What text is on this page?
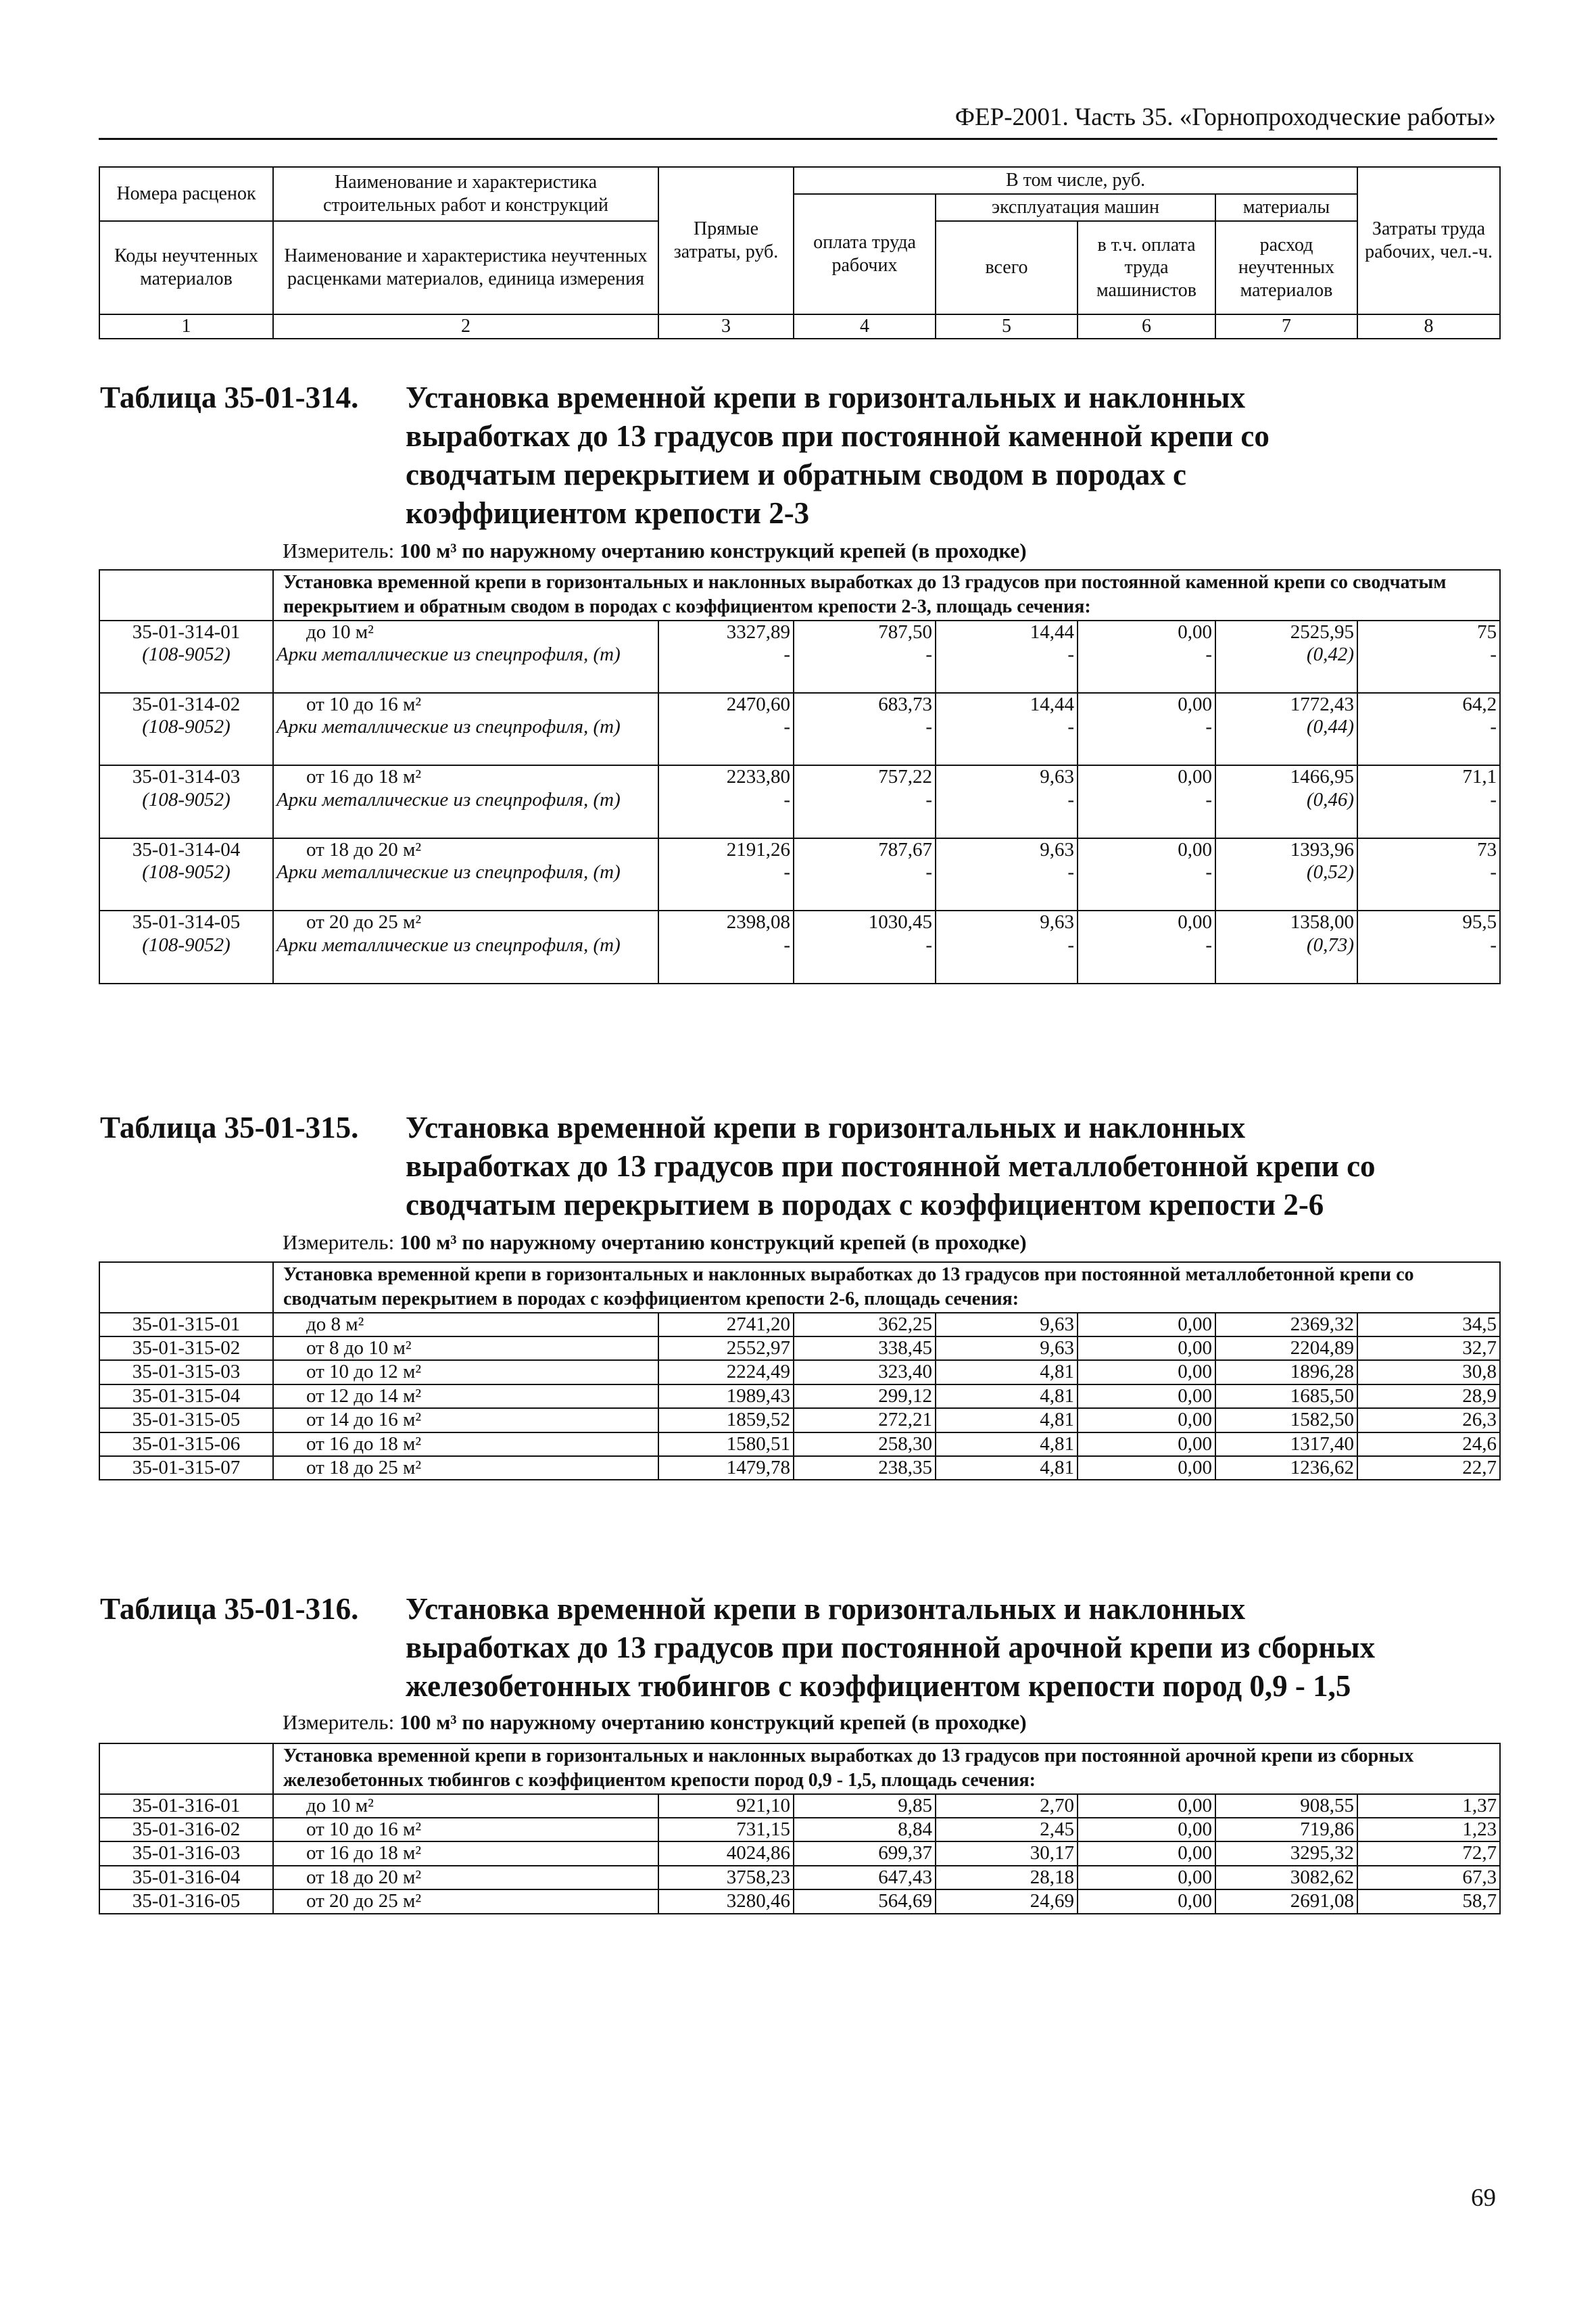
ФЕР-2001. Часть 35. «Горнопроходческие работы»
Номера расценок	Наименование и характеристика строительных работ и конструкций	Прямые затраты, руб.	В том числе, руб.				Затраты труда рабочих, чел.-ч.
			оплата труда рабочих	эксплуатация машин		материалы	
Коды неучтенных материалов	Наименование и характеристика неучтенных расценками материалов, единица измерения			всего	в т.ч. оплата труда машинистов	расход неучтенных материалов	

1	2	3	4	5	6	7	8
Таблица 35-01-314. Установка временной крепи в горизонтальных и наклонных
выработках до 13 градусов при постоянной каменной крепи со
сводчатым перекрытием и обратным сводом в породах с
коэффициентом крепости 2-3
Измеритель: 100 м³ по наружному очертанию конструкций крепей (в проходке)
	Установка временной крепи в горизонтальных и наклонных выработках до 13 градусов при постоянной каменной крепи со сводчатым перекрытием и обратным сводом в породах с коэффициентом крепости 2-3, площадь сечения:						
35-01-314-01	до 10 м²	3327,89	787,50	14,44	0,00	2525,95	75
(108-9052)	Арки металлические из спецпрофиля, (т)	-	-	-	-	(0,42)	-
35-01-314-02	от 10 до 16 м²	2470,60	683,73	14,44	0,00	1772,43	64,2
(108-9052)	Арки металлические из спецпрофиля, (т)	-	-	-	-	(0,44)	-
35-01-314-03	от 16 до 18 м²	2233,80	757,22	9,63	0,00	1466,95	71,1
(108-9052)	Арки металлические из спецпрофиля, (т)	-	-	-	-	(0,46)	-
35-01-314-04	от 18 до 20 м²	2191,26	787,67	9,63	0,00	1393,96	73
(108-9052)	Арки металлические из спецпрофиля, (т)	-	-	-	-	(0,52)	-
35-01-314-05	от 20 до 25 м²	2398,08	1030,45	9,63	0,00	1358,00	95,5
(108-9052)	Арки металлические из спецпрофиля, (т)	-	-	-	-	(0,73)	-
Таблица 35-01-315. Установка временной крепи в горизонтальных и наклонных
выработках до 13 градусов при постоянной металлобетонной крепи со
сводчатым перекрытием в породах с коэффициентом крепости 2-6
Измеритель: 100 м³ по наружному очертанию конструкций крепей (в проходке)
	Установка временной крепи в горизонтальных и наклонных выработках до 13 градусов при постоянной металлобетонной крепи со сводчатым перекрытием в породах с коэффициентом крепости 2-6, площадь сечения:						
35-01-315-01	до 8 м²	2741,20	362,25	9,63	0,00	2369,32	34,5
35-01-315-02	от 8 до 10 м²	2552,97	338,45	9,63	0,00	2204,89	32,7
35-01-315-03	от 10 до 12 м²	2224,49	323,40	4,81	0,00	1896,28	30,8
35-01-315-04	от 12 до 14 м²	1989,43	299,12	4,81	0,00	1685,50	28,9
35-01-315-05	от 14 до 16 м²	1859,52	272,21	4,81	0,00	1582,50	26,3
35-01-315-06	от 16 до 18 м²	1580,51	258,30	4,81	0,00	1317,40	24,6
35-01-315-07	от 18 до 25 м²	1479,78	238,35	4,81	0,00	1236,62	22,7
Таблица 35-01-316. Установка временной крепи в горизонтальных и наклонных
выработках до 13 градусов при постоянной арочной крепи из сборных
железобетонных тюбингов с коэффициентом крепости пород 0,9 - 1,5
Измеритель: 100 м³ по наружному очертанию конструкций крепей (в проходке)
	Установка временной крепи в горизонтальных и наклонных выработках до 13 градусов при постоянной арочной крепи из сборных железобетонных тюбингов с коэффициентом крепости пород 0,9 - 1,5, площадь сечения:						
35-01-316-01	до 10 м²	921,10	9,85	2,70	0,00	908,55	1,37
35-01-316-02	от 10 до 16 м²	731,15	8,84	2,45	0,00	719,86	1,23
35-01-316-03	от 16 до 18 м²	4024,86	699,37	30,17	0,00	3295,32	72,7
35-01-316-04	от 18 до 20 м²	3758,23	647,43	28,18	0,00	3082,62	67,3
35-01-316-05	от 20 до 25 м²	3280,46	564,69	24,69	0,00	2691,08	58,7
69
